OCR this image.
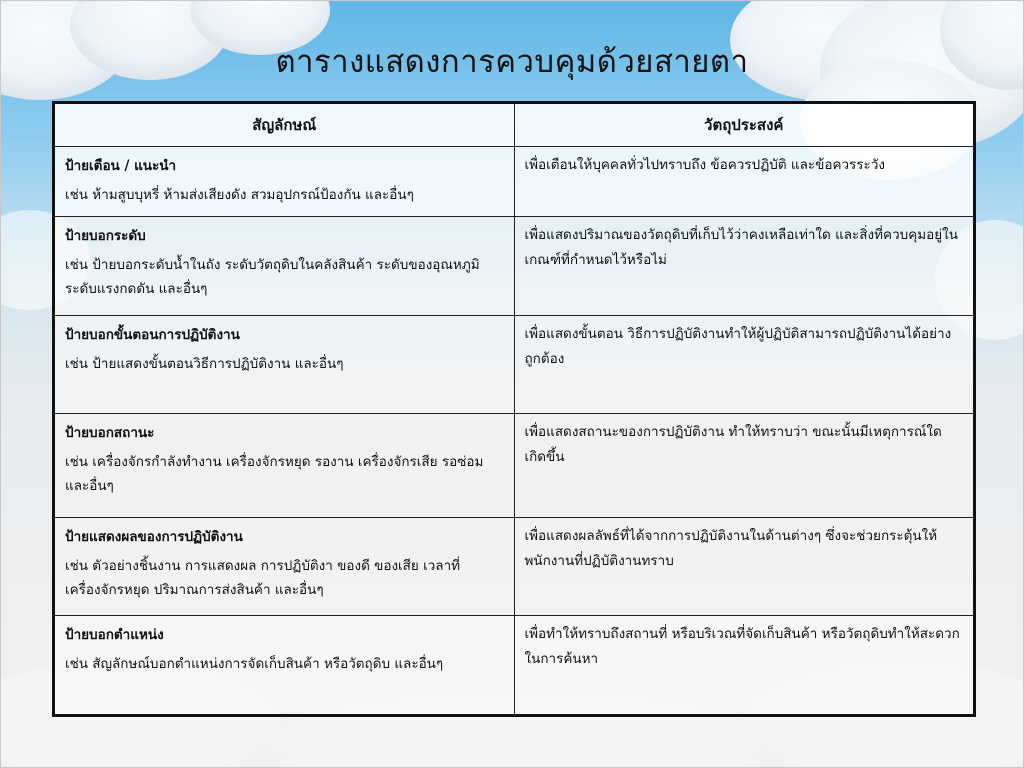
ตารางแสดงการควบคุมด้วยสายตา
สัญลักษณ์	วัตถุประสงค์

ป้ายเตือน / แนะนำ
เช่น ห้ามสูบบุหรี่ ห้ามส่งเสียงดัง สวมอุปกรณ์ป้องกัน และอื่นๆ	เพื่อเตือนให้บุคคลทั่วไปทราบถึง ข้อควรปฏิบัติ และข้อควรระวัง

ป้ายบอกระดับ
เช่น ป้ายบอกระดับน้ำในถัง ระดับวัตถุดิบในคลังสินค้า ระดับของอุณหภูมิ ระดับแรงกดดัน และอื่นๆ	เพื่อแสดงปริมาณของวัตถุดิบที่เก็บไว้ว่าคงเหลือเท่าใด และสิ่งที่ควบคุมอยู่ในเกณฑ์ที่กำหนดไว้หรือไม่

ป้ายบอกขั้นตอนการปฏิบัติงาน
เช่น ป้ายแสดงขั้นตอนวิธีการปฏิบัติงาน และอื่นๆ	เพื่อแสดงขั้นตอน วิธีการปฏิบัติงานทำให้ผู้ปฏิบัติสามารถปฏิบัติงานได้อย่างถูกต้อง

ป้ายบอกสถานะ
เช่น เครื่องจักรกำลังทำงาน เครื่องจักรหยุด รองาน เครื่องจักรเสีย รอซ่อม และอื่นๆ	เพื่อแสดงสถานะของการปฏิบัติงาน ทำให้ทราบว่า ขณะนั้นมีเหตุการณ์ใดเกิดขึ้น

ป้ายแสดงผลของการปฏิบัติงาน
เช่น ตัวอย่างชิ้นงาน การแสดงผล การปฏิบัติงา ของดี ของเสีย เวลาที่เครื่องจักรหยุด ปริมาณการส่งสินค้า และอื่นๆ	เพื่อแสดงผลลัพธ์ที่ได้จากการปฏิบัติงานในด้านต่างๆ ซึ่งจะช่วยกระตุ้นให้พนักงานที่ปฏิบัติงานทราบ

ป้ายบอกตำแหน่ง
เช่น สัญลักษณ์บอกตำแหน่งการจัดเก็บสินค้า หรือวัตถุดิบ และอื่นๆ	เพื่อทำให้ทราบถึงสถานที่ หรือบริเวณที่จัดเก็บสินค้า หรือวัตถุดิบทำให้สะดวกในการค้นหา
